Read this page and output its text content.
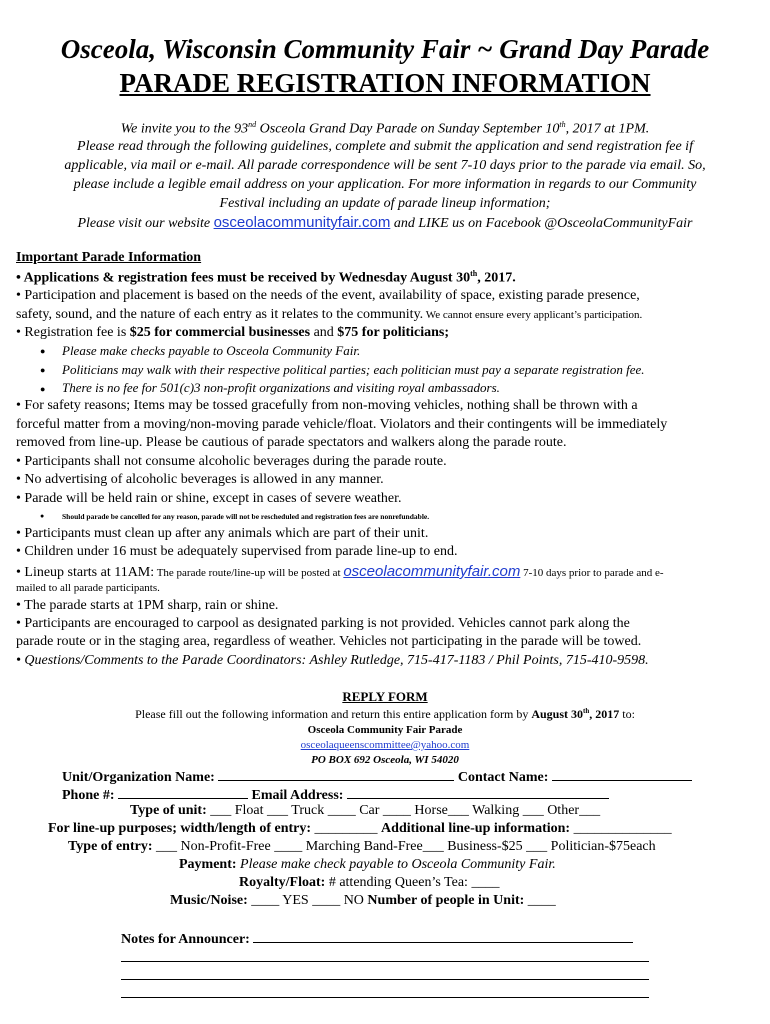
Osceola, Wisconsin Community Fair ~ Grand Day Parade
PARADE REGISTRATION INFORMATION
We invite you to the 93nd Osceola Grand Day Parade on Sunday September 10th, 2017 at 1PM.
Please read through the following guidelines, complete and submit the application and send registration fee if
applicable, via mail or e-mail. All parade correspondence will be sent 7-10 days prior to the parade via email. So,
please include a legible email address on your application. For more information in regards to our Community
Festival including an update of parade lineup information;
Please visit our website osceolacommunityfair.com and LIKE us on Facebook @OsceolaCommunityFair
Important Parade Information
• Applications & registration fees must be received by Wednesday August 30th, 2017.
• Participation and placement is based on the needs of the event, availability of space, existing parade presence,
safety, sound, and the nature of each entry as it relates to the community. We cannot ensure every applicant’s participation.
• Registration fee is $25 for commercial businesses and $75 for politicians;
● Please make checks payable to Osceola Community Fair.
● Politicians may walk with their respective political parties; each politician must pay a separate registration fee.
● There is no fee for 501(c)3 non-profit organizations and visiting royal ambassadors.
• For safety reasons; Items may be tossed gracefully from non-moving vehicles, nothing shall be thrown with a
forceful matter from a moving/non-moving parade vehicle/float. Violators and their contingents will be immediately
removed from line-up. Please be cautious of parade spectators and walkers along the parade route.
• Participants shall not consume alcoholic beverages during the parade route.
• No advertising of alcoholic beverages is allowed in any manner.
• Parade will be held rain or shine, except in cases of severe weather.
● Should parade be cancelled for any reason, parade will not be rescheduled and registration fees are nonrefundable.
• Participants must clean up after any animals which are part of their unit.
• Children under 16 must be adequately supervised from parade line-up to end.
• Lineup starts at 11AM: The parade route/line-up will be posted at osceolacommunityfair.com 7-10 days prior to parade and e-
mailed to all parade participants.
• The parade starts at 1PM sharp, rain or shine.
• Participants are encouraged to carpool as designated parking is not provided. Vehicles cannot park along the
parade route or in the staging area, regardless of weather. Vehicles not participating in the parade will be towed.
• Questions/Comments to the Parade Coordinators: Ashley Rutledge, 715-417-1183 / Phil Points, 715-410-9598.
REPLY FORM
Please fill out the following information and return this entire application form by August 30th, 2017 to:
Osceola Community Fair Parade
osceolaqueenscommittee@yahoo.com
PO BOX 692 Osceola, WI 54020
Unit/Organization Name:	Contact Name:
Phone #:	Email Address:
Type of unit: ___ Float ___ Truck ____ Car ____ Horse___ Walking ___ Other___
For line-up purposes; width/length of entry: _________ Additional line-up information: ______________
Type of entry: ___ Non-Profit-Free ____ Marching Band-Free___ Business-$25 ___ Politician-$75each
Payment: Please make check payable to Osceola Community Fair.
Royalty/Float: # attending Queen’s Tea: ____
Music/Noise: ____ YES ____ NO Number of people in Unit: ____
Notes for Announcer:
